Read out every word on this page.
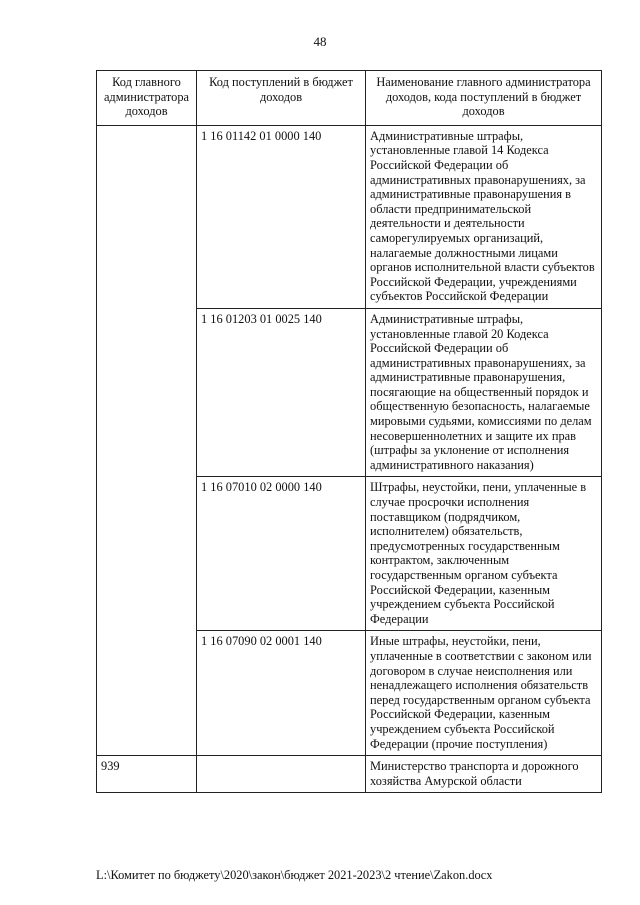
48
Код главного администратора доходов	Код поступлений в бюджет доходов	Наименование главного администратора доходов, кода поступлений в бюджет доходов
	1 16 01142 01 0000 140	Административные штрафы, установленные главой 14 Кодекса Российской Федерации об административных правонарушениях, за административные правонарушения в области предпринимательской деятельности и деятельности саморегулируемых организаций, налагаемые должностными лицами органов исполнительной власти субъектов Российской Федерации, учреждениями субъектов Российской Федерации
	1 16 01203 01 0025 140	Административные штрафы, установленные главой 20 Кодекса Российской Федерации об административных правонарушениях, за административные правонарушения, посягающие на общественный порядок и общественную безопасность, налагаемые мировыми судьями, комиссиями по делам несовершеннолетних и защите их прав (штрафы за уклонение от исполнения административного наказания)
	1 16 07010 02 0000 140	Штрафы, неустойки, пени, уплаченные в случае просрочки исполнения поставщиком (подрядчиком, исполнителем) обязательств, предусмотренных государственным контрактом, заключенным государственным органом субъекта Российской Федерации, казенным учреждением субъекта Российской Федерации
	1 16 07090 02 0001 140	Иные штрафы, неустойки, пени, уплаченные в соответствии с законом или договором в случае неисполнения или ненадлежащего исполнения обязательств перед государственным органом субъекта Российской Федерации, казенным учреждением субъекта Российской Федерации (прочие поступления)
939		Министерство транспорта и дорожного хозяйства Амурской области
L:\Комитет по бюджету\2020\закон\бюджет 2021-2023\2 чтение\Zakon.docx
